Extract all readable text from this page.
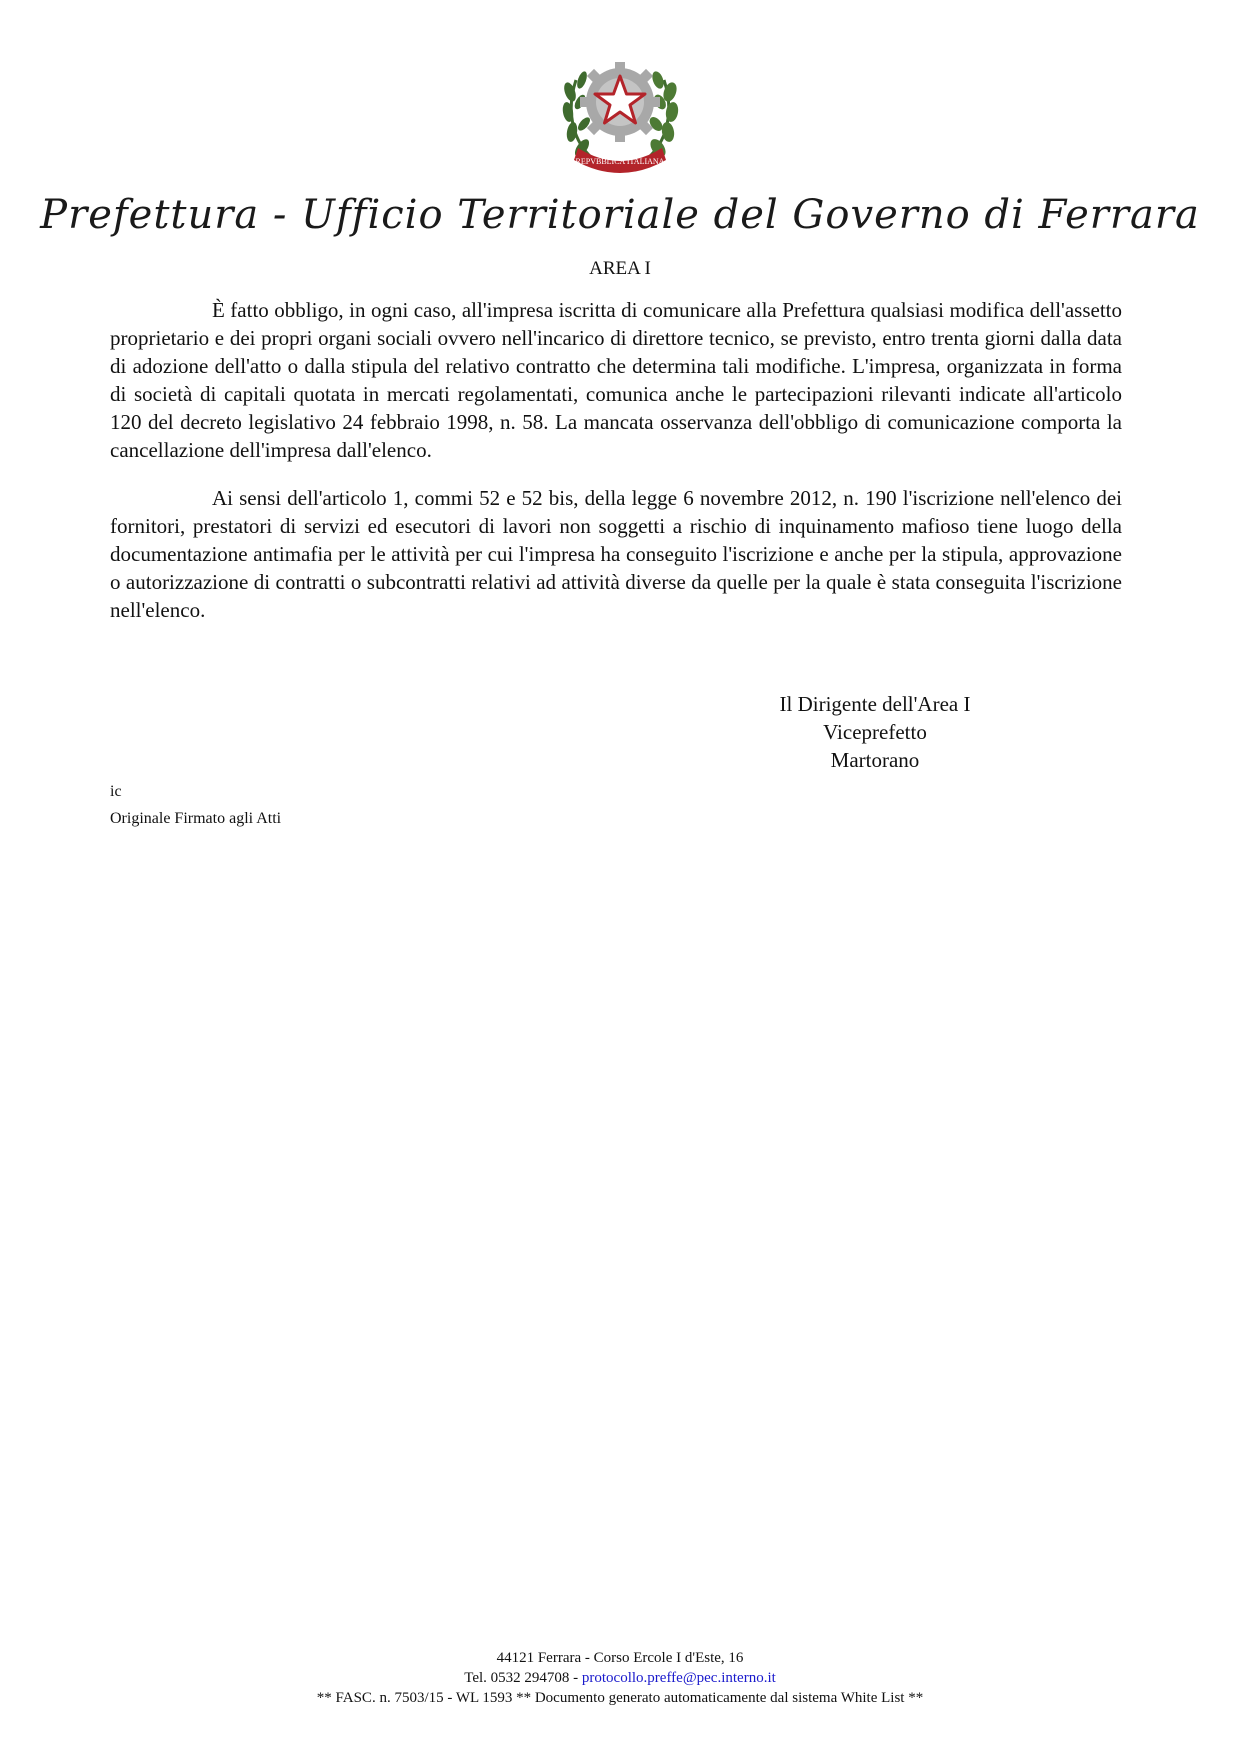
REPVBBLICA ITALIANA
Prefettura - Ufficio Territoriale del Governo di Ferrara
AREA I

È fatto obbligo, in ogni caso, all'impresa iscritta di comunicare alla Prefettura qualsiasi modifica dell'assetto proprietario e dei propri organi sociali ovvero nell'incarico di direttore tecnico, se previsto, entro trenta giorni dalla data di adozione dell'atto o dalla stipula del relativo contratto che determina tali modifiche. L'impresa, organizzata in forma di società di capitali quotata in mercati regolamentati, comunica anche le partecipazioni rilevanti indicate all'articolo 120 del decreto legislativo 24 febbraio 1998, n. 58. La mancata osservanza dell'obbligo di comunicazione comporta la cancellazione dell'impresa dall'elenco.

Ai sensi dell'articolo 1, commi 52 e 52 bis, della legge 6 novembre 2012, n. 190 l'iscrizione nell'elenco dei fornitori, prestatori di servizi ed esecutori di lavori non soggetti a rischio di inquinamento mafioso tiene luogo della documentazione antimafia per le attività per cui l'impresa ha conseguito l'iscrizione e anche per la stipula, approvazione o autorizzazione di contratti o subcontratti relativi ad attività diverse da quelle per la quale è stata conseguita l'iscrizione nell'elenco.

Il Dirigente dell'Area I
Viceprefetto
Martorano
ic
Originale Firmato agli Atti
44121 Ferrara - Corso Ercole I d'Este, 16
Tel. 0532 294708 - protocollo.preffe@pec.interno.it
** FASC. n. 7503/15 - WL 1593 ** Documento generato automaticamente dal sistema White List **
